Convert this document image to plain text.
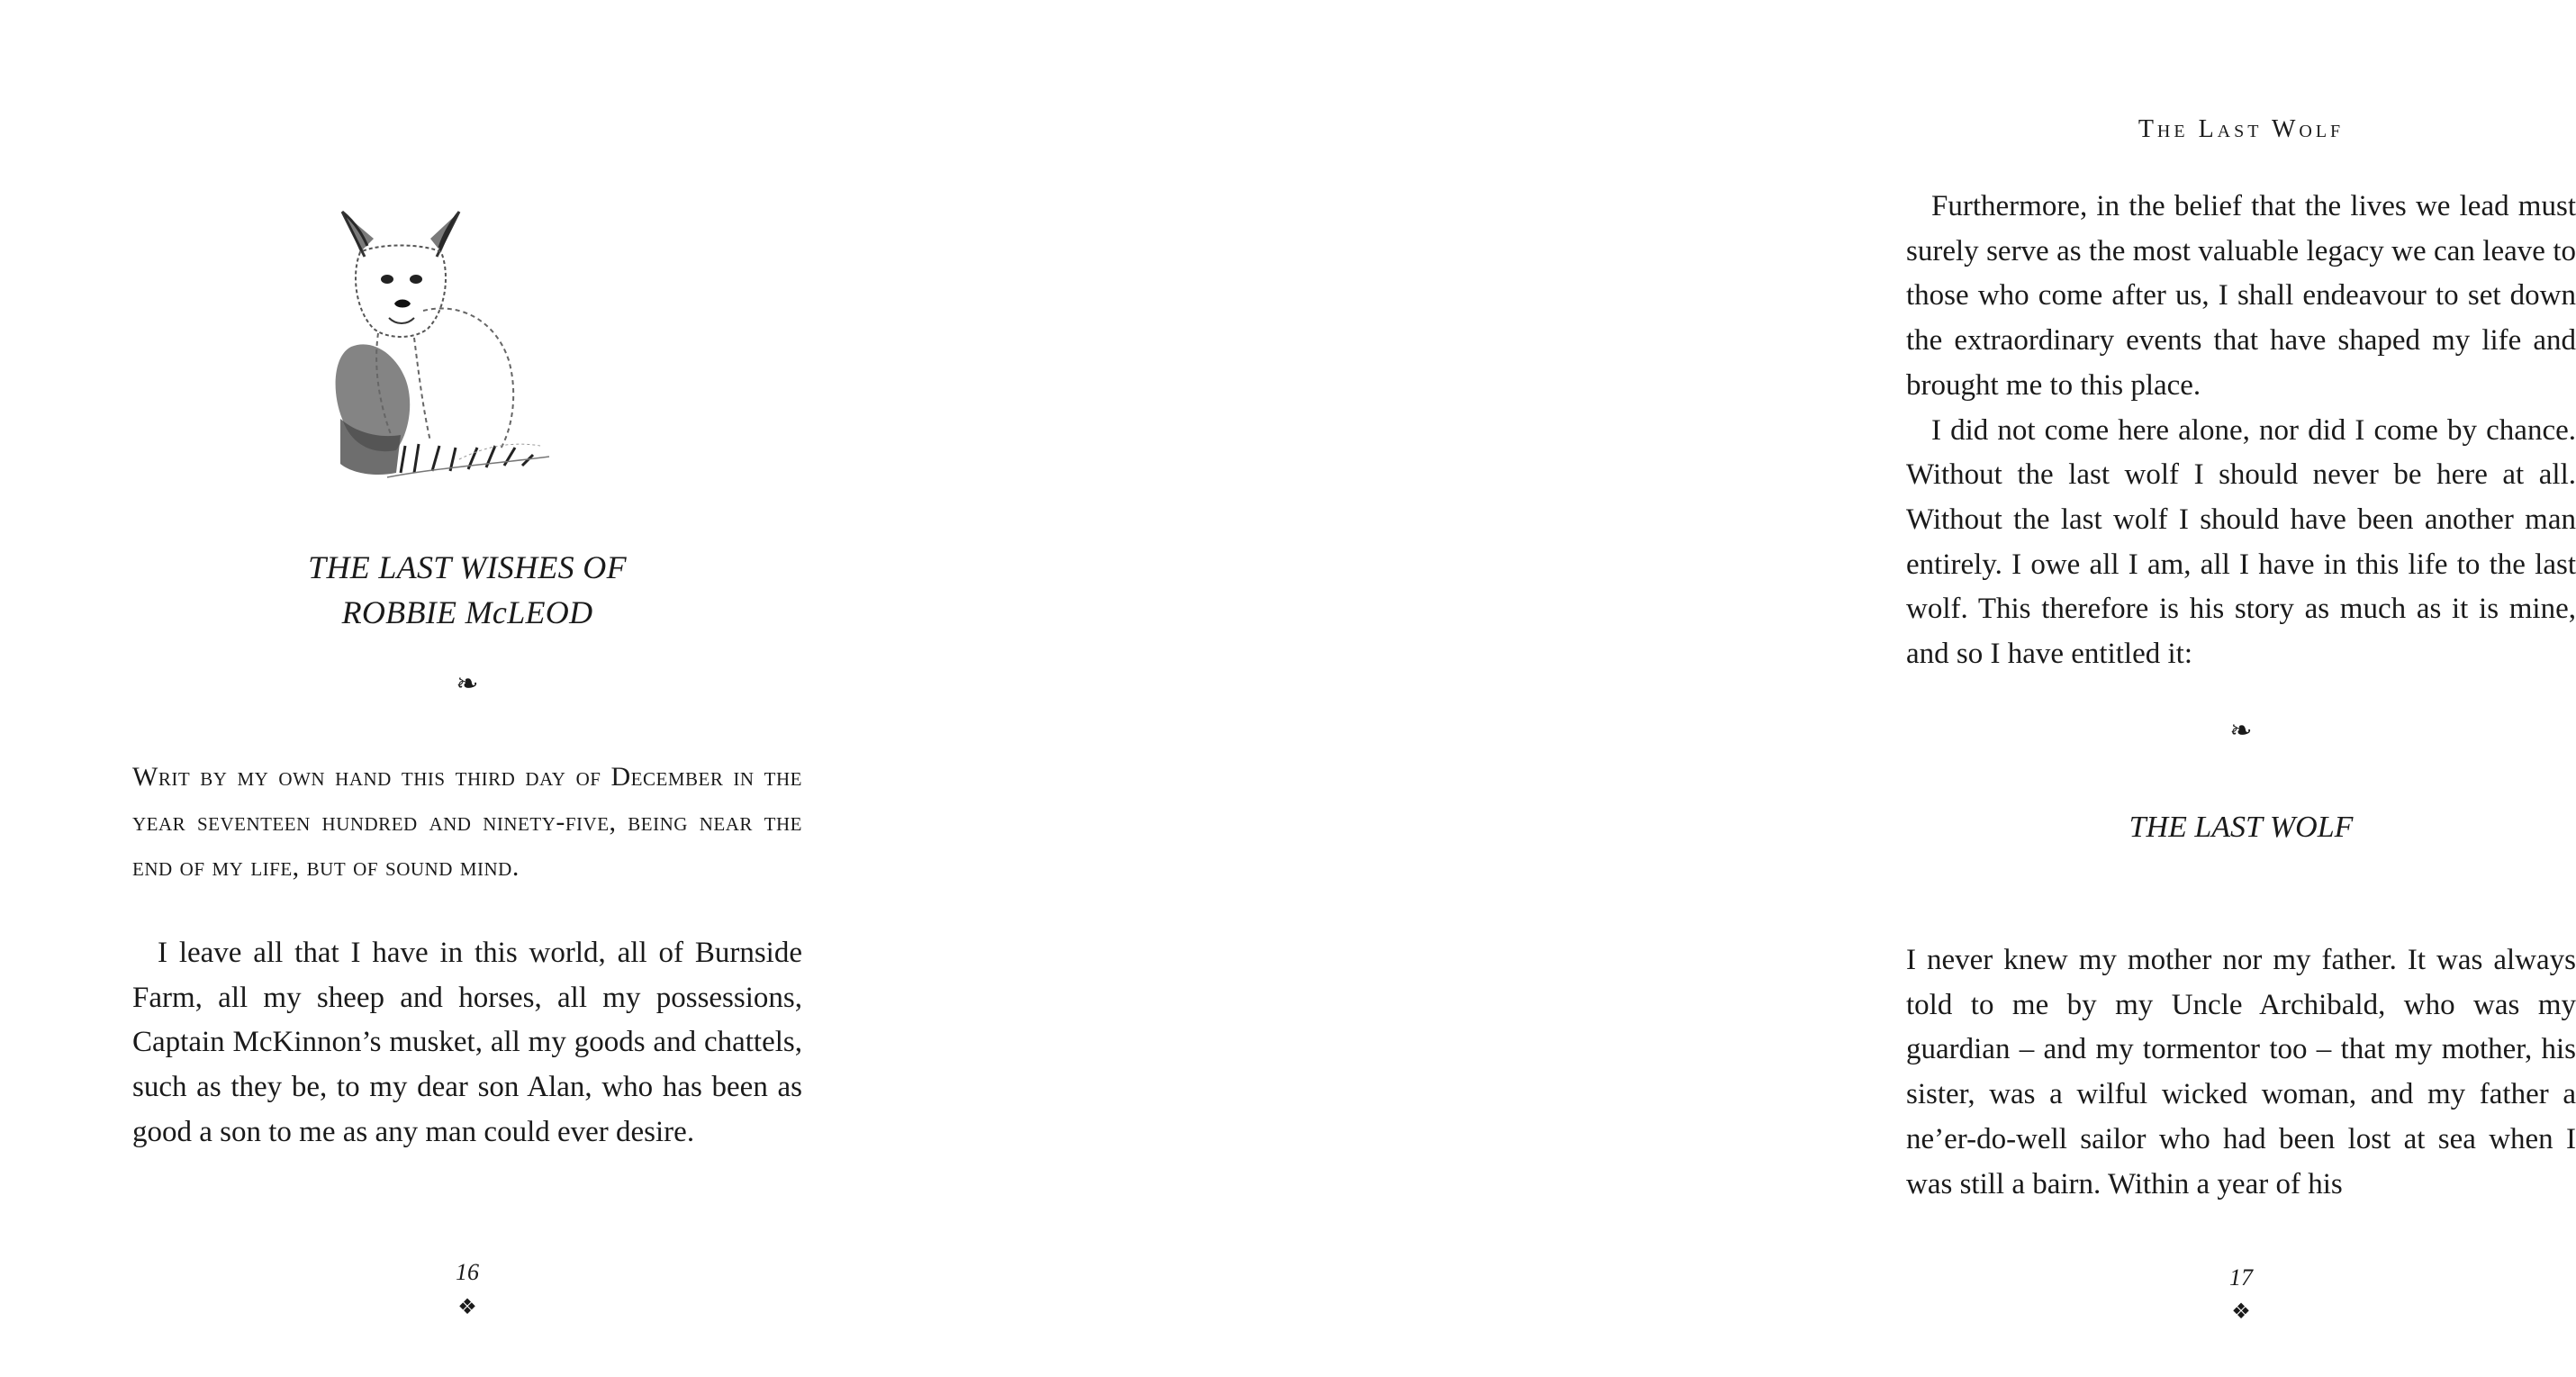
THE LAST WISHES OF
ROBBIE McLEOD
❧

Writ by my own hand this third day of December in the year seventeen hundred and ninety-five, being near the end of my life, but of sound mind.

I leave all that I have in this world, all of Burnside Farm, all my sheep and horses, all my possessions, Captain McKinnon’s musket, all my goods and chattels, such as they be, to my dear son Alan, who has been as good a son to me as any man could ever desire.

16
❖
The Last Wolf

Furthermore, in the belief that the lives we lead must surely serve as the most valuable legacy we can leave to those who come after us, I shall endeavour to set down the extraordinary events that have shaped my life and brought me to this place.

I did not come here alone, nor did I come by chance. Without the last wolf I should never be here at all. Without the last wolf I should have been another man entirely. I owe all I am, all I have in this life to the last wolf. This therefore is his story as much as it is mine, and so I have entitled it:

❧
THE LAST WOLF

I never knew my mother nor my father. It was always told to me by my Uncle Archibald, who was my guardian – and my tormentor too – that my mother, his sister, was a wilful wicked woman, and my father a ne’er-do-well sailor who had been lost at sea when I was still a bairn. Within a year of his

17
❖
